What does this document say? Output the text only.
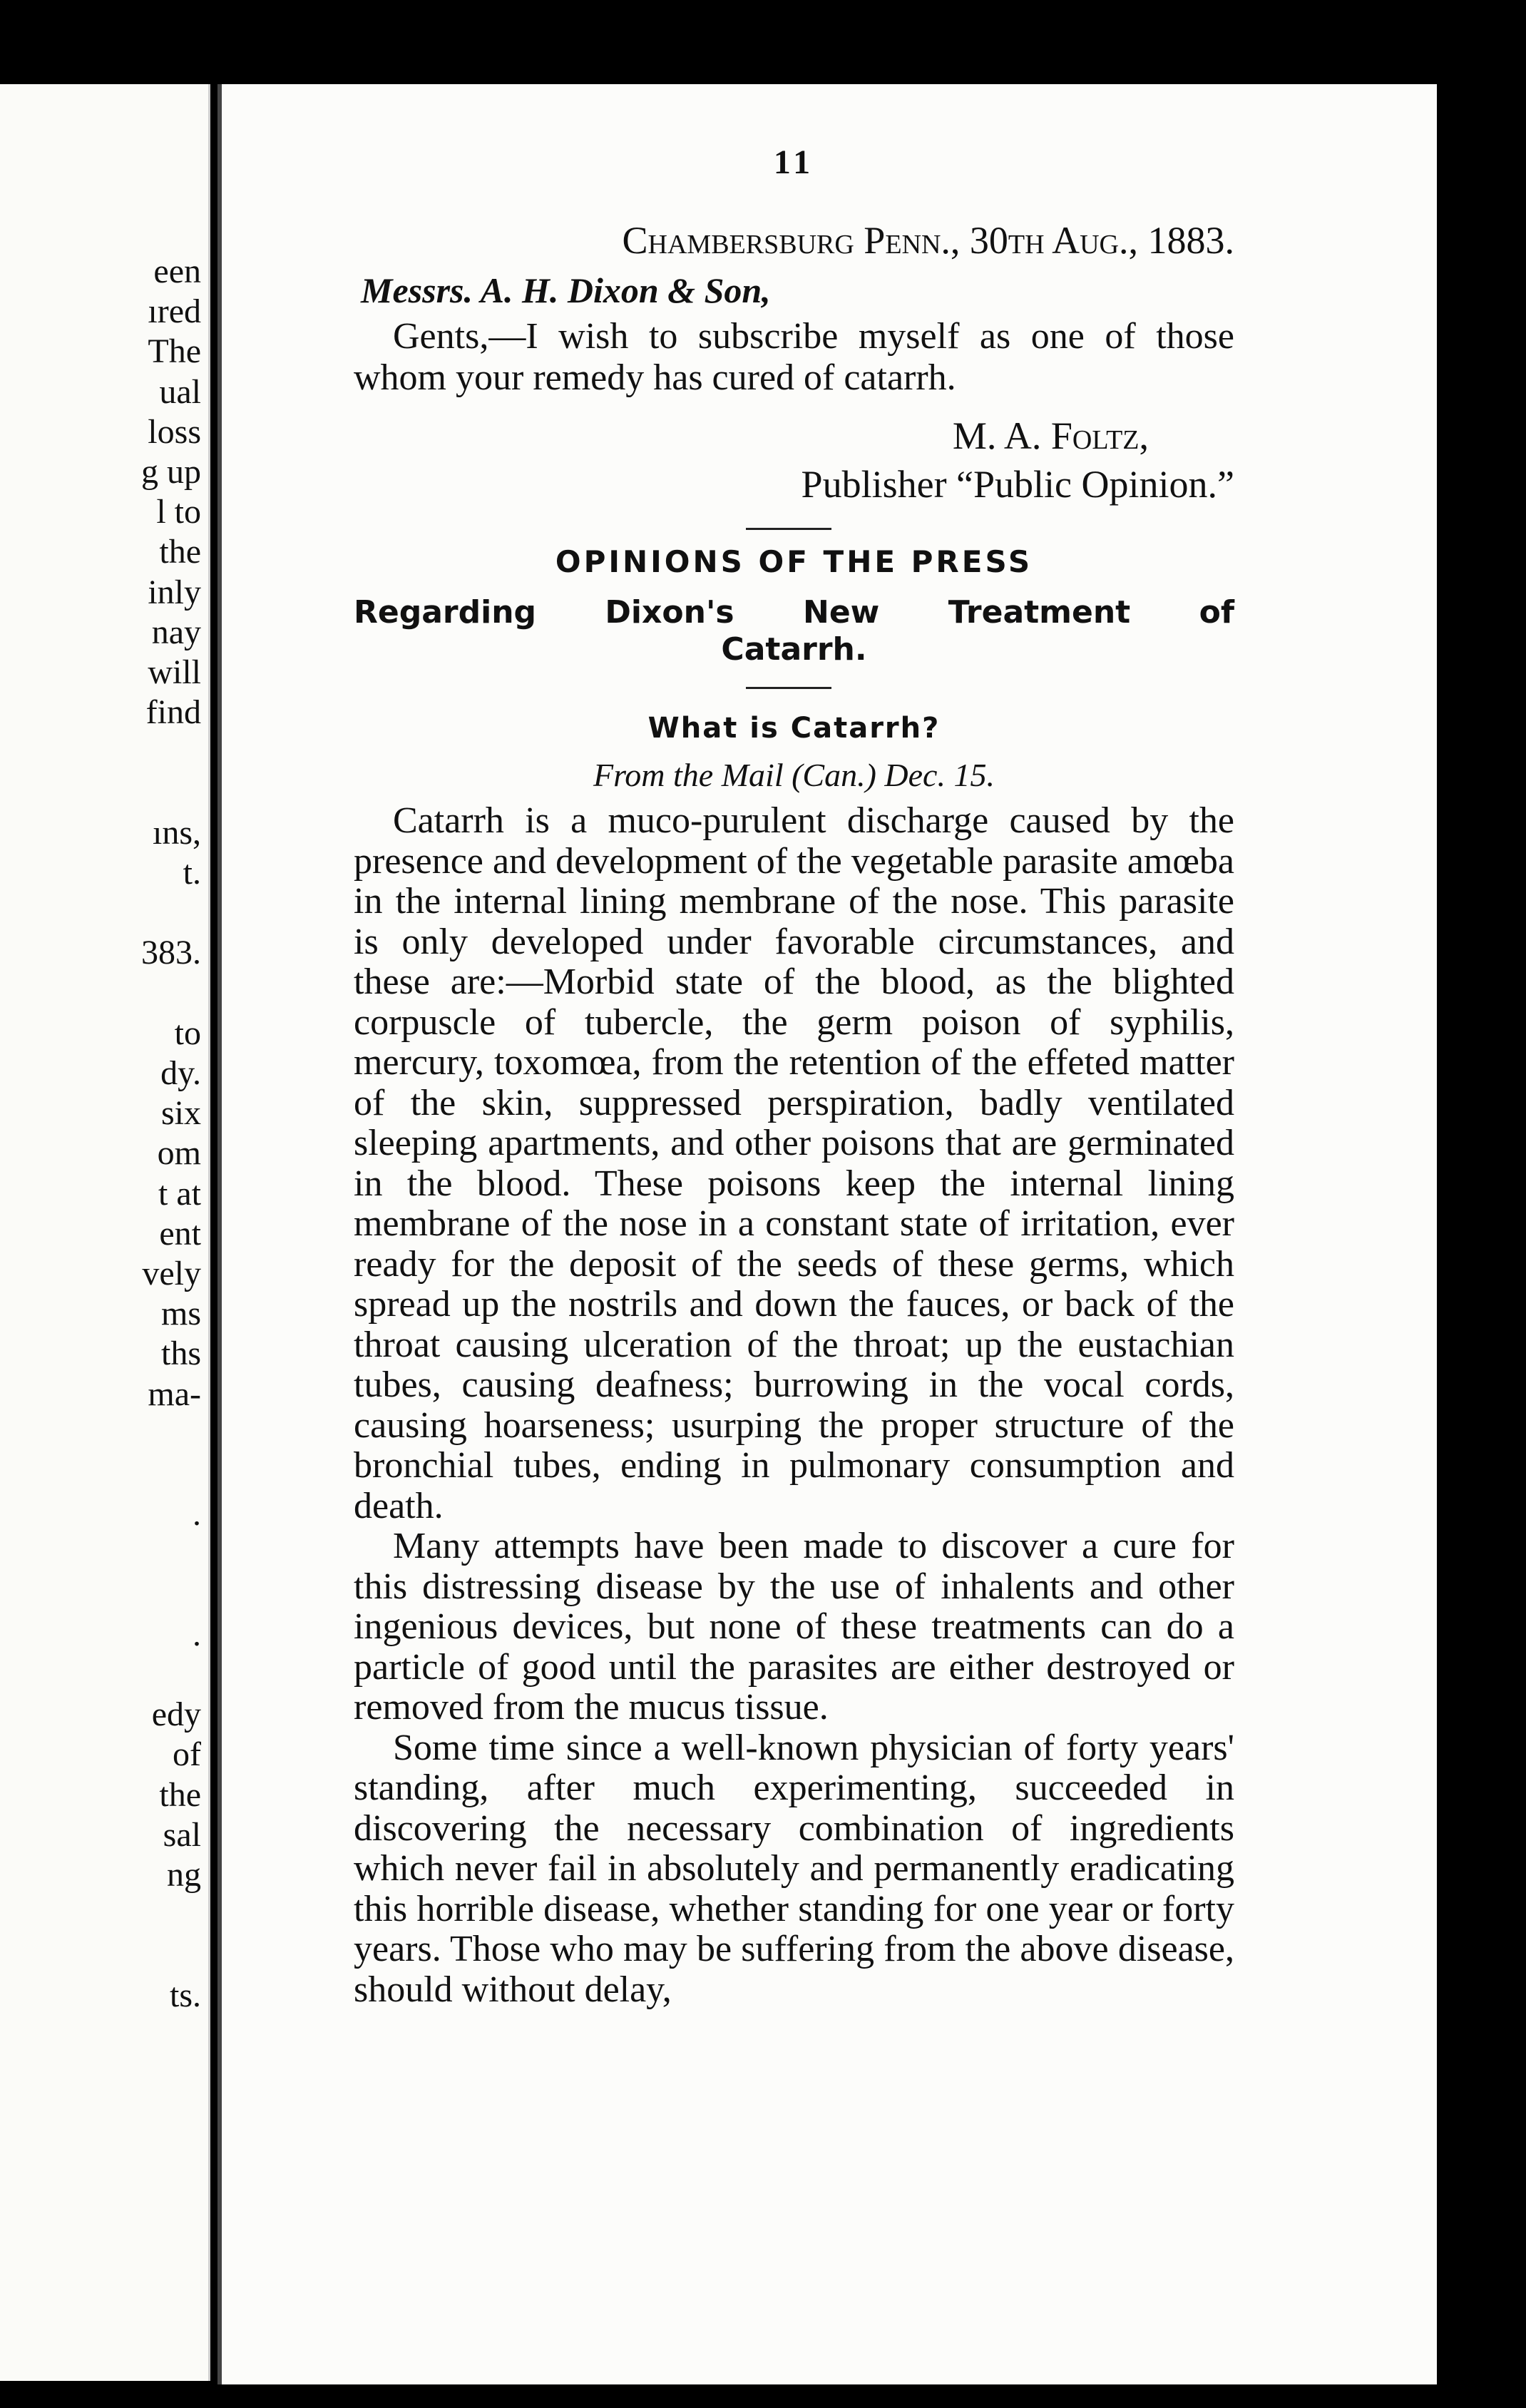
een
ıred
The
ual
loss
g up
l to
the
inly
nay
will
find
ıns,
t.
383.
to
dy.
six
om
t at
ent
vely
ms
ths
ma-
.
.
edy
of
the
sal
ng
ts.
11
Chambersburg Penn., 30th Aug., 1883.
Messrs. A. H. Dixon & Son,

Gents,—I wish to subscribe myself as one of those whom your remedy has cured of catarrh.

M. A. Foltz,
Publisher “Public Opinion.”
OPINIONS OF THE PRESS
Regarding Dixon's New Treatment of
Catarrh.
What is Catarrh?
From the Mail (Can.) Dec. 15.

Catarrh is a muco-purulent discharge caused by the presence and development of the vegetable parasite amœba in the internal lining membrane of the nose. This parasite is only developed under favorable circumstances, and these are:—Morbid state of the blood, as the blighted corpuscle of tubercle, the germ poison of syphilis, mercury, toxomœa, from the retention of the effeted matter of the skin, suppressed perspiration, badly ventilated sleeping apartments, and other poisons that are germinated in the blood. These poisons keep the internal lining membrane of the nose in a constant state of irritation, ever ready for the deposit of the seeds of these germs, which spread up the nostrils and down the fauces, or back of the throat causing ulceration of the throat; up the eustachian tubes, causing deafness; burrowing in the vocal cords, causing hoarseness; usurping the proper structure of the bronchial tubes, ending in pulmonary consumption and death.

Many attempts have been made to discover a cure for this distressing disease by the use of inhalents and other ingenious devices, but none of these treatments can do a particle of good until the parasites are either destroyed or removed from the mucus tissue.

Some time since a well-known physician of forty years' standing, after much experimenting, succeeded in discovering the necessary combination of ingredients which never fail in absolutely and permanently eradicating this horrible disease, whether standing for one year or forty years. Those who may be suffering from the above disease, should without delay,
